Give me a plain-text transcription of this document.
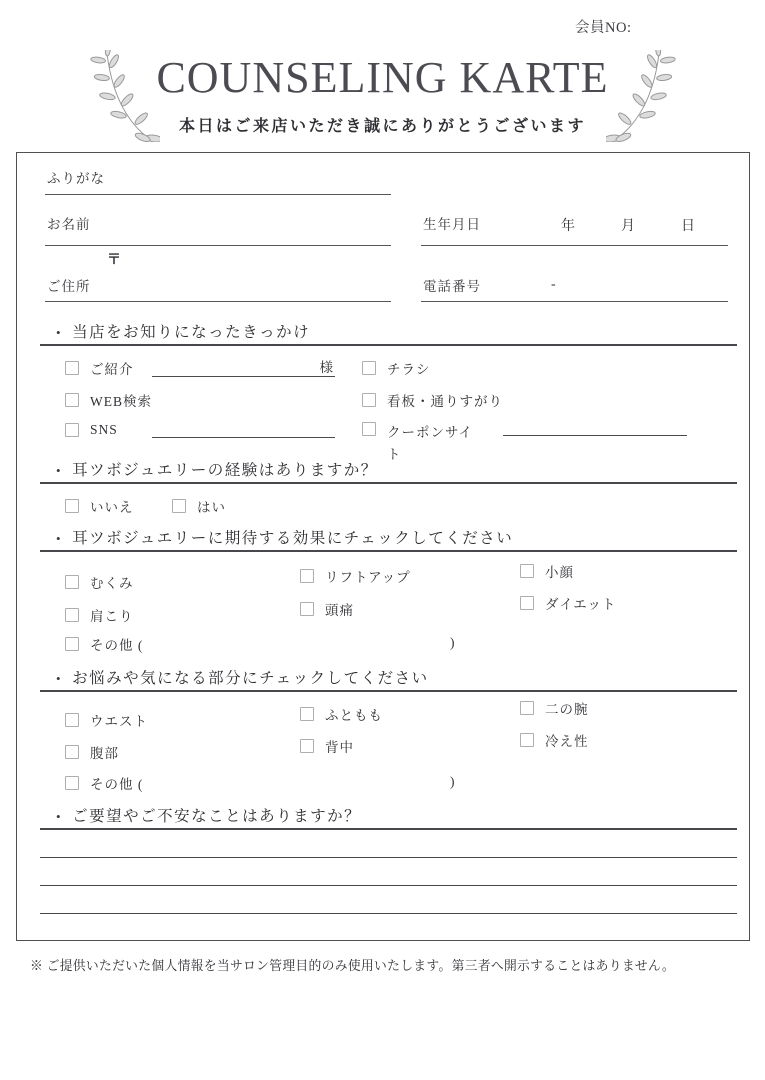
会員NO:
COUNSELING KARTE
本日はご来店いただき誠にありがとうございます
ふりがな
お名前	生年月日	年	月	日
〒
ご住所	電話番号	-
• 当店をお知りになったきっかけ
ご紹介	様	チラシ
WEB検索	看板・通りすがり
SNS	クーポンサイト
• 耳ツボジュエリーの経験はありますか？
いいえ	はい
• 耳ツボジュエリーに期待する効果にチェックしてください
むくみ	リフトアップ	小顔
肩こり	頭痛	ダイエット
その他 (	)
• お悩みや気になる部分にチェックしてください
ウエスト	ふともも	二の腕
腹部	背中	冷え性
その他 (	)
• ご要望やご不安なことはありますか？
※ ご提供いただいた個人情報を当サロン管理目的のみ使用いたします。第三者へ開示することはありません。
